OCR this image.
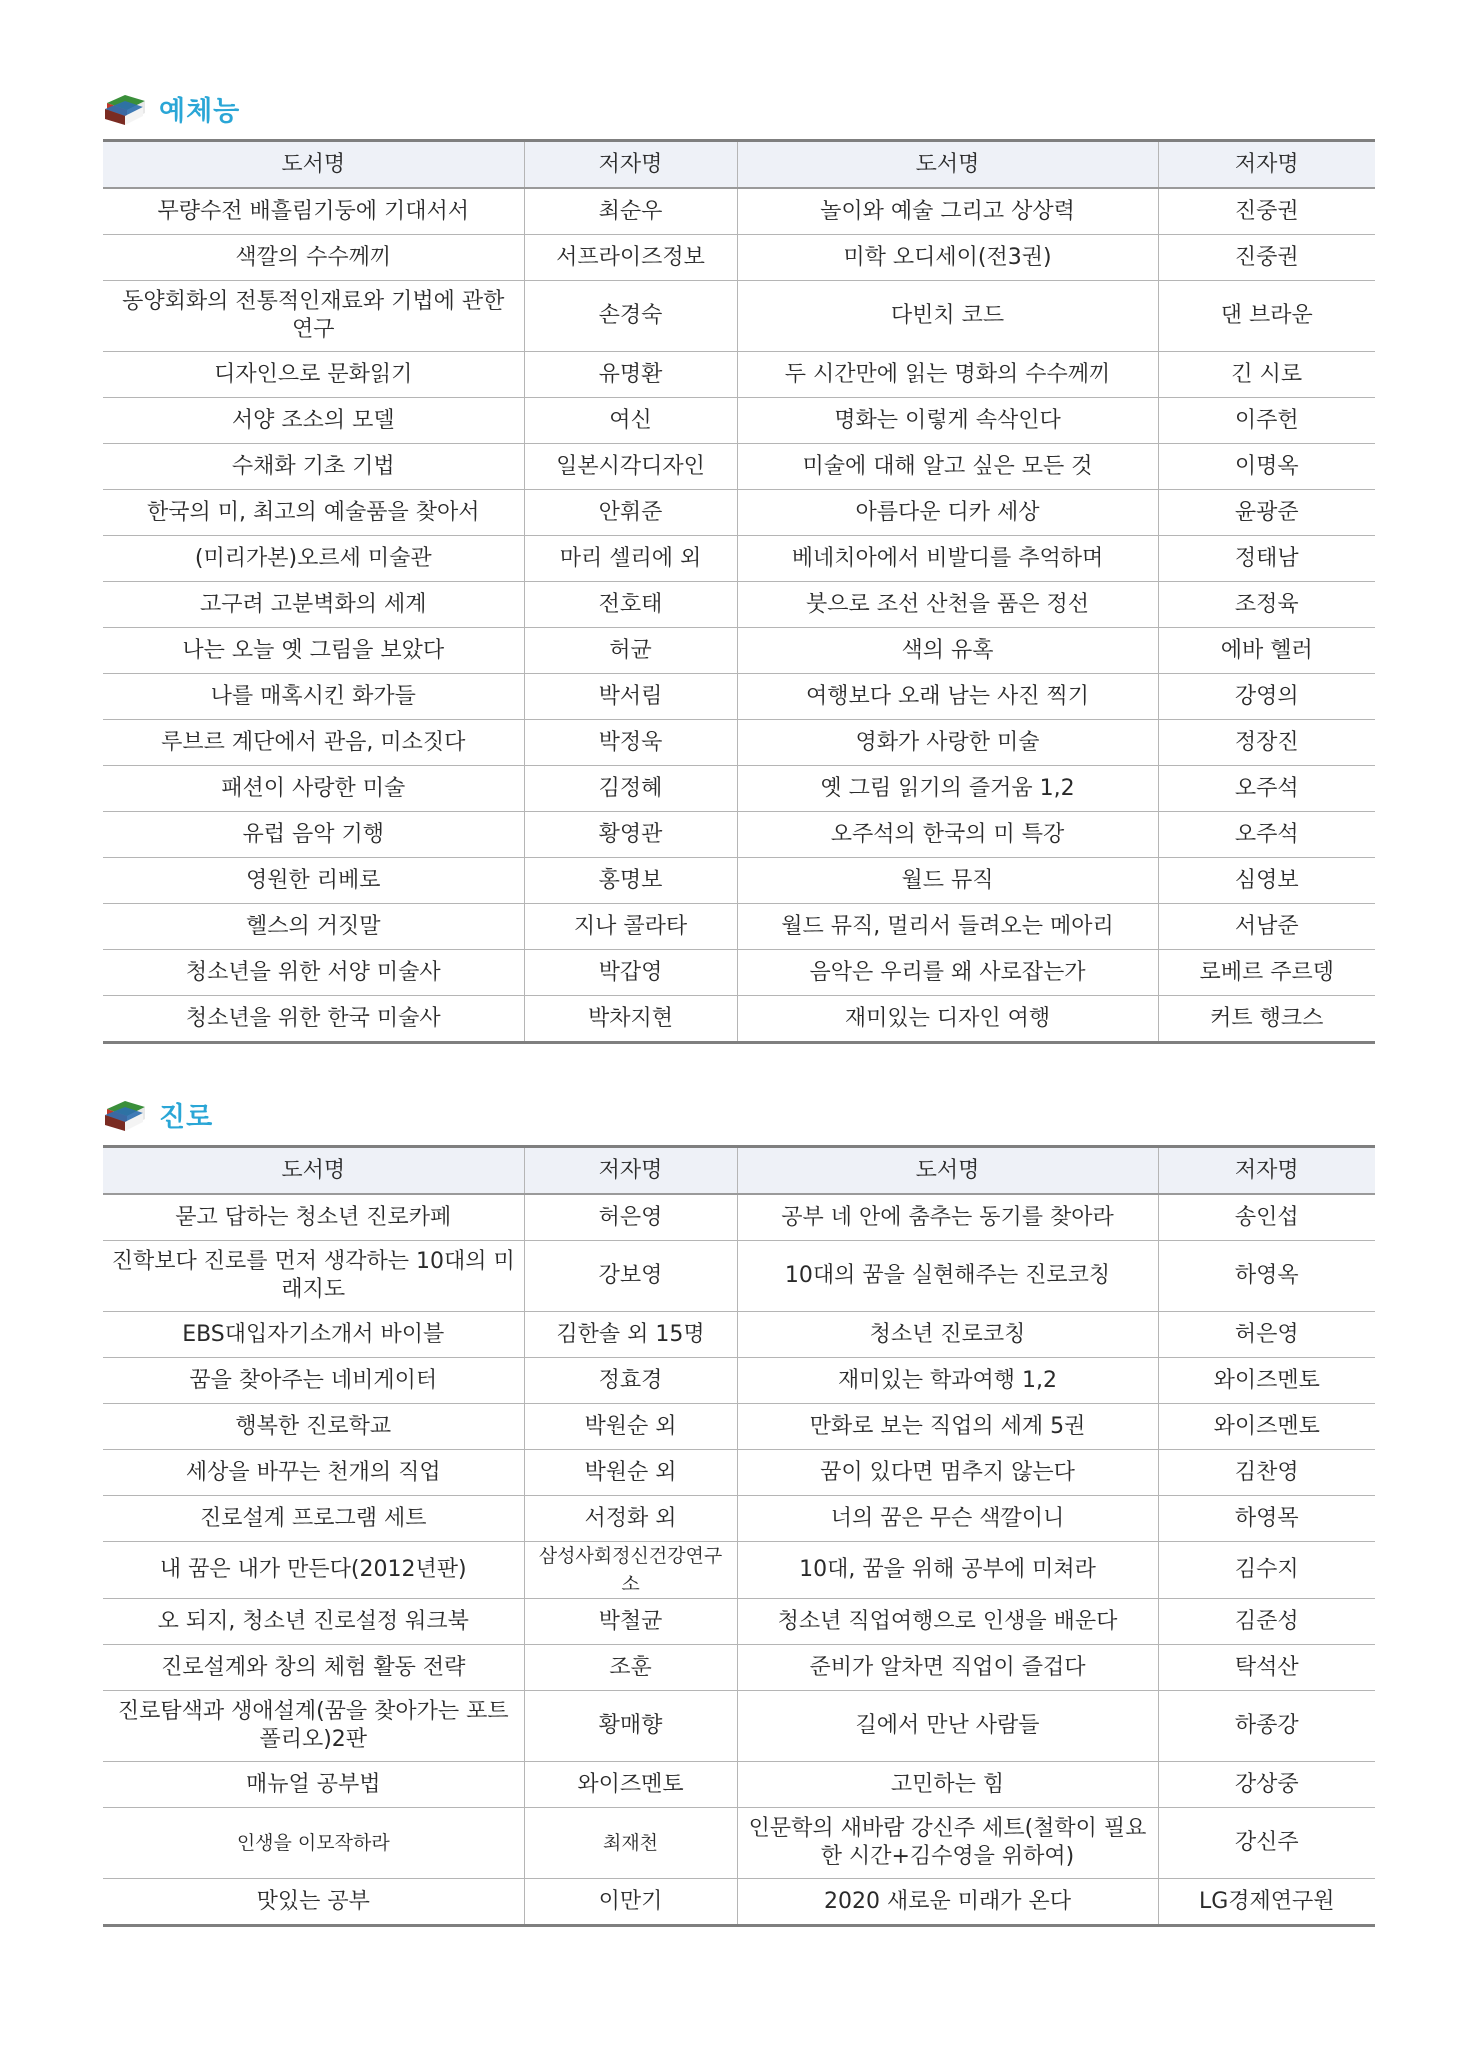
예체능
도서명	저자명	도서명	저자명
무량수전 배흘림기둥에 기대서서	최순우	놀이와 예술 그리고 상상력	진중권
색깔의 수수께끼	서프라이즈정보	미학 오디세이(전3권)	진중권
동양회화의 전통적인재료와 기법에 관한 연구	손경숙	다빈치 코드	댄 브라운
디자인으로 문화읽기	유명환	두 시간만에 읽는 명화의 수수께끼	긴 시로
서양 조소의 모델	여신	명화는 이렇게 속삭인다	이주헌
수채화 기초 기법	일본시각디자인	미술에 대해 알고 싶은 모든 것	이명옥
한국의 미, 최고의 예술품을 찾아서	안휘준	아름다운 디카 세상	윤광준
(미리가본)오르세 미술관	마리 셀리에 외	베네치아에서 비발디를 추억하며	정태남
고구려 고분벽화의 세계	전호태	붓으로 조선 산천을 품은 정선	조정육
나는 오늘 옛 그림을 보았다	허균	색의 유혹	에바 헬러
나를 매혹시킨 화가들	박서림	여행보다 오래 남는 사진 찍기	강영의
루브르 계단에서 관음, 미소짓다	박정욱	영화가 사랑한 미술	정장진
패션이 사랑한 미술	김정혜	옛 그림 읽기의 즐거움 1,2	오주석
유럽 음악 기행	황영관	오주석의 한국의 미 특강	오주석
영원한 리베로	홍명보	월드 뮤직	심영보
헬스의 거짓말	지나 콜라타	월드 뮤직, 멀리서 들려오는 메아리	서남준
청소년을 위한 서양 미술사	박갑영	음악은 우리를 왜 사로잡는가	로베르 주르뎅
청소년을 위한 한국 미술사	박차지현	재미있는 디자인 여행	커트 행크스
진로
도서명	저자명	도서명	저자명
묻고 답하는 청소년 진로카페	허은영	공부 네 안에 춤추는 동기를 찾아라	송인섭
진학보다 진로를 먼저 생각하는 10대의 미래지도	강보영	10대의 꿈을 실현해주는 진로코칭	하영옥
EBS대입자기소개서 바이블	김한솔 외 15명	청소년 진로코칭	허은영
꿈을 찾아주는 네비게이터	정효경	재미있는 학과여행 1,2	와이즈멘토
행복한 진로학교	박원순 외	만화로 보는 직업의 세계 5권	와이즈멘토
세상을 바꾸는 천개의 직업	박원순 외	꿈이 있다면 멈추지 않는다	김찬영
진로설계 프로그램 세트	서정화 외	너의 꿈은 무슨 색깔이니	하영목
내 꿈은 내가 만든다(2012년판)	삼성사회정신건강연구소	10대, 꿈을 위해 공부에 미쳐라	김수지
오 되지, 청소년 진로설정 워크북	박철균	청소년 직업여행으로 인생을 배운다	김준성
진로설계와 창의 체험 활동 전략	조훈	준비가 알차면 직업이 즐겁다	탁석산
진로탐색과 생애설계(꿈을 찾아가는 포트폴리오)2판	황매향	길에서 만난 사람들	하종강
매뉴얼 공부법	와이즈멘토	고민하는 힘	강상중
인생을 이모작하라	최재천	인문학의 새바람 강신주 세트(철학이 필요한 시간+김수영을 위하여)	강신주
맛있는 공부	이만기	2020 새로운 미래가 온다	LG경제연구원
